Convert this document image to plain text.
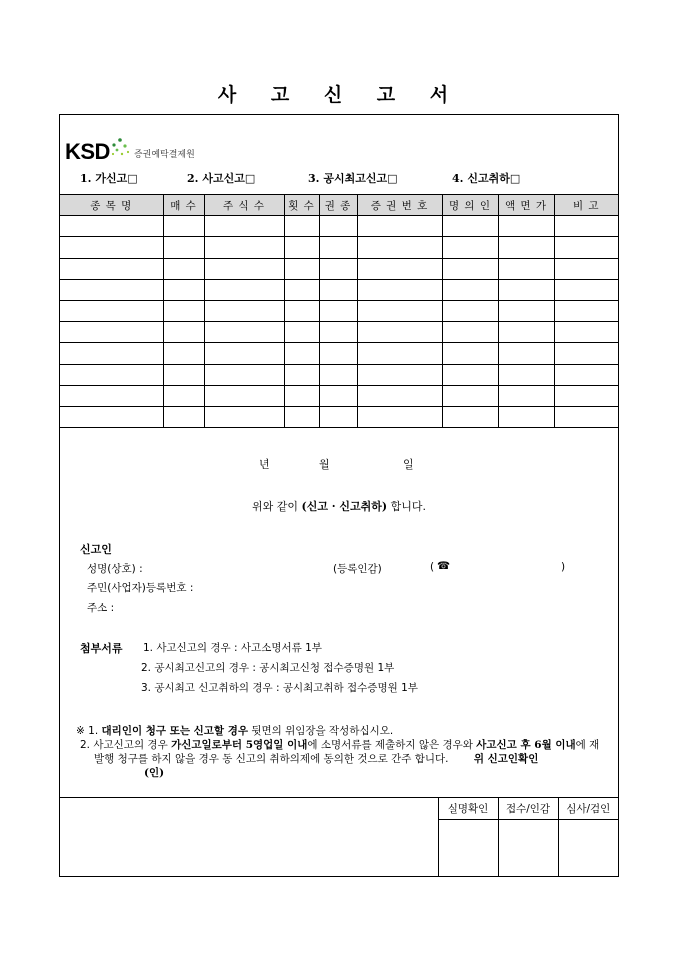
사 고 신 고 서
KSD	증권예탁결제원
1. 가신고□	2. 사고신고□	3. 공시최고신고□	4. 신고취하□
종 목 명	매 수	주 식 수	횟 수	권 종	증 권 번 호	명 의 인	액 면 가	비 고

년	월	일
위와 같이 (신고 · 신고취하) 합니다.
신고인
성명(상호) :	(등록인감)	( ☎	)
주민(사업자)등록번호 :
주소 :
첨부서류 1. 사고신고의 경우 : 사고소명서류 1부
2. 공시최고신고의 경우 : 공시최고신청 접수증명원 1부
3. 공시최고 신고취하의 경우 : 공시최고취하 접수증명원 1부
※ 1. 대리인이 청구 또는 신고할 경우 뒷면의 위임장을 작성하십시오.
2. 사고신고의 경우 가신고일로부터 5영업일 이내에 소명서류를 제출하지 않은 경우와 사고신고 후 6월 이내에 재발행 청구를 하지 않을 경우 동 신고의 취하의제에 동의한 것으로 간주 합니다. 위 신고인확인 (인)
실명확인	접수/인감	심사/검인
